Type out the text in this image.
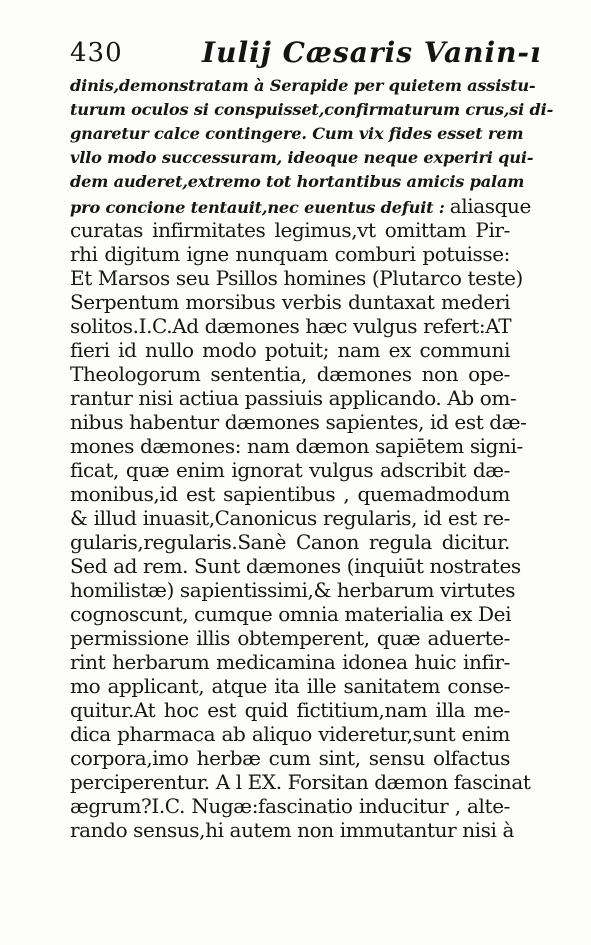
430	Iulij Cæsaris Vanin-ı
dinis,demonstratam à Serapide per quietem assistu-
turum oculos si conspuisset,confirmaturum crus,si di-
gnaretur calce contingere. Cum vix fides esset rem
vllo modo successuram, ideoque neque experiri qui-
dem auderet,extremo tot hortantibus amicis palam
pro concione tentauit,nec euentus defuit : aliasque
curatas infirmitates legimus,vt omittam Pir-
rhi digitum igne nunquam comburi potuisse:
Et Marsos seu Psillos homines (Plutarco teste)
Serpentum morsibus verbis duntaxat mederi
solitos.I.C.Ad dæmones hæc vulgus refert:AT
fieri id nullo modo potuit; nam ex communi
Theologorum sententia, dæmones non ope-
rantur nisi actiua passiuis applicando. Ab om-
nibus habentur dæmones sapientes, id est dæ-
mones dæmones: nam dæmon sapiētem signi-
ficat, quæ enim ignorat vulgus adscribit dæ-
monibus,id est sapientibus , quemadmodum
& illud inuasit,Canonicus regularis, id est re-
gularis,regularis.Sanè Canon regula dicitur.
Sed ad rem. Sunt dæmones (inquiūt nostrates
homilistæ) sapientissimi,& herbarum virtutes
cognoscunt, cumque omnia materialia ex Dei
permissione illis obtemperent, quæ aduerte-
rint herbarum medicamina idonea huic infir-
mo applicant, atque ita ille sanitatem conse-
quitur.At hoc est quid fictitium,nam illa me-
dica pharmaca ab aliquo videretur,sunt enim
corpora,imo herbæ cum sint, sensu olfactus
perciperentur. A l EX. Forsitan dæmon fascinat
ægrum?I.C. Nugæ:fascinatio inducitur , alte-
rando sensus,hi autem non immutantur nisi à
